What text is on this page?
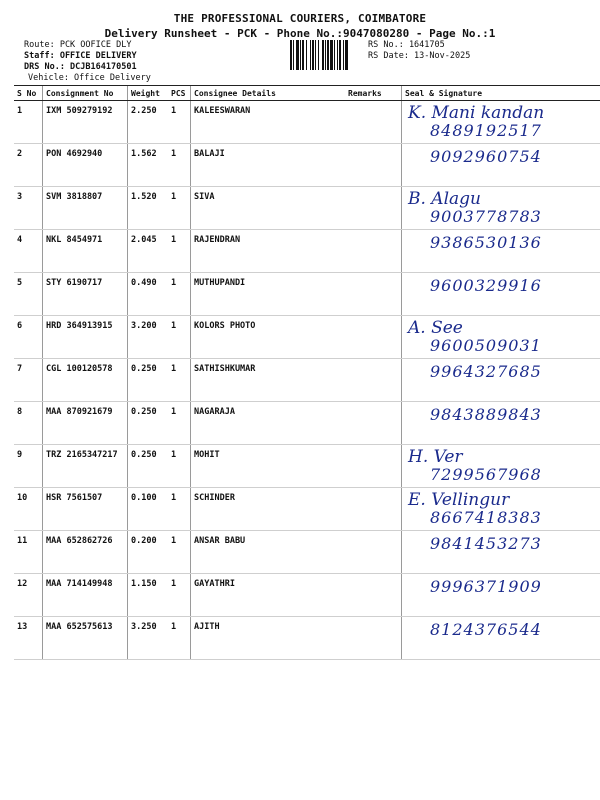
THE PROFESSIONAL COURIERS, COIMBATORE
Delivery Runsheet - PCK - Phone No.:9047080280 - Page No.:1
Route: PCK OOFICE DLY
Staff: OFFICE DELIVERY
DRS No.: DCJB164170501
Vehicle: Office Delivery
RS No.: 1641705
RS Date: 13-Nov-2025
S No	Consignment No	Weight	PCS	Consignee Details	Remarks	Seal & Signature
1	IXM 509279192	2.250	1	KALEESWARAN		K. Mani kandan
8489192517

2	PON 4692940	1.562	1	BALAJI		9092960754

3	SVM 3818807	1.520	1	SIVA		B. Alagu
9003778783

4	NKL 8454971	2.045	1	RAJENDRAN		9386530136

5	STY 6190717	0.490	1	MUTHUPANDI		9600329916

6	HRD 364913915	3.200	1	KOLORS PHOTO		A. See
9600509031

7	CGL 100120578	0.250	1	SATHISHKUMAR		9964327685

8	MAA 870921679	0.250	1	NAGARAJA		9843889843

9	TRZ 2165347217	0.250	1	MOHIT		H. Ver
7299567968

10	HSR 7561507	0.100	1	SCHINDER		E. Vellingur
8667418383

11	MAA 652862726	0.200	1	ANSAR BABU		9841453273

12	MAA 714149948	1.150	1	GAYATHRI		9996371909

13	MAA 652575613	3.250	1	AJITH		8124376544
